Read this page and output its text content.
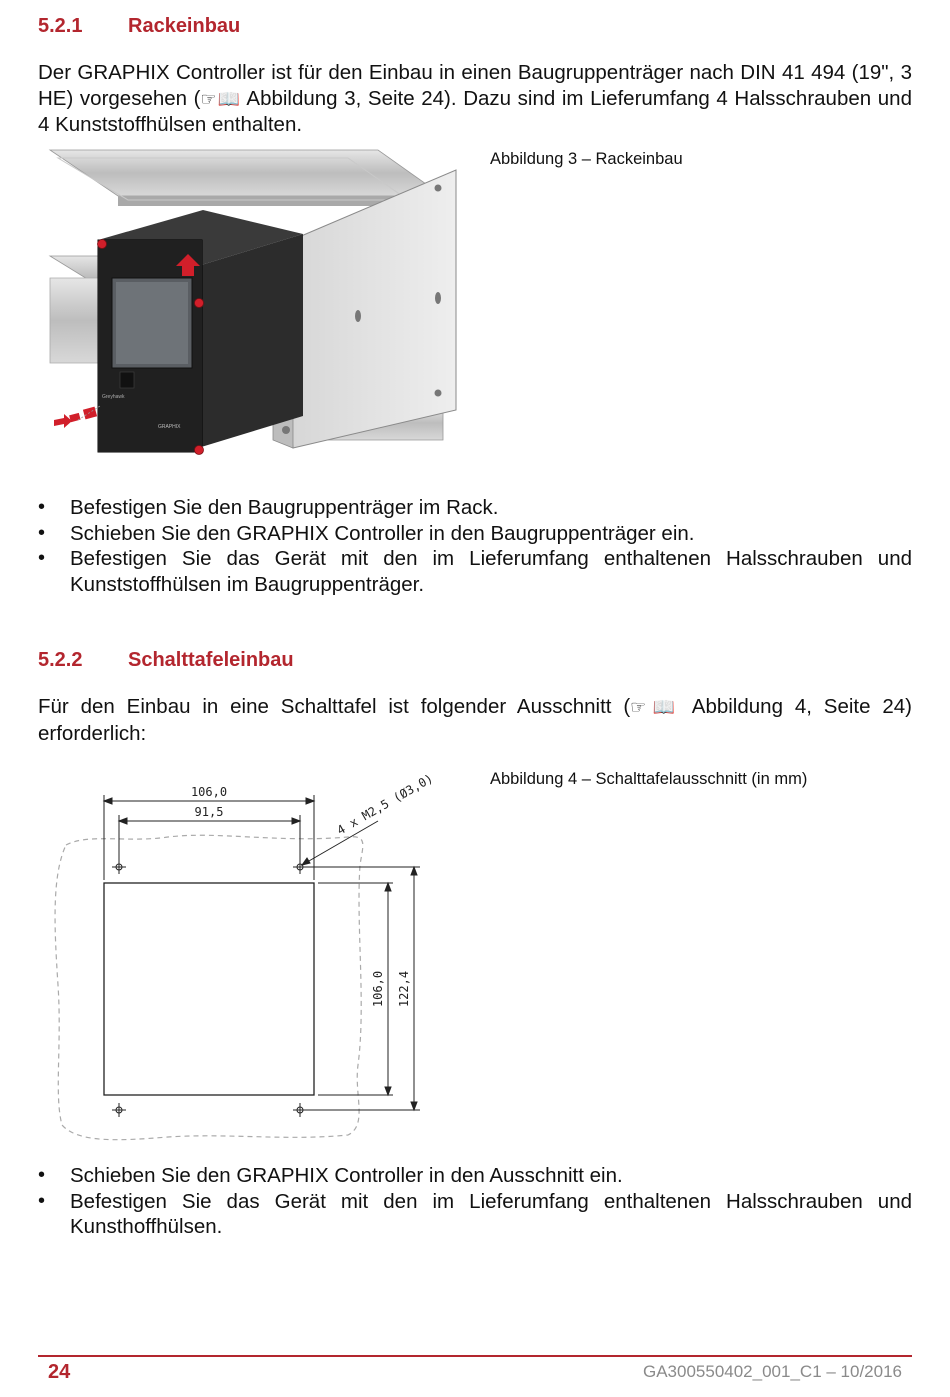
5.2.1 Rackeinbau
Der GRAPHIX Controller ist für den Einbau in einen Baugruppenträger nach DIN 41 494 (19", 3 HE) vorgesehen (☞📖 Abbildung 3, Seite 24). Dazu sind im Lieferumfang 4 Halsschrauben und 4 Kunststoffhülsen enthalten.
Greyhawk
GRAPHIX
Abbildung 3 – Rackeinbau
• Befestigen Sie den Baugruppenträger im Rack.
• Schieben Sie den GRAPHIX Controller in den Baugruppenträger ein.
• Befestigen Sie das Gerät mit den im Lieferumfang enthaltenen Halsschrauben und Kunststoffhülsen im Baugruppenträger.
5.2.2 Schalttafeleinbau
Für den Einbau in eine Schalttafel ist folgender Ausschnitt (☞📖 Abbildung 4, Seite 24) erforderlich:
106,0
91,5	4 x M2,5 (Ø3,0)
106,0 122,4
Abbildung 4 – Schalttafelausschnitt (in mm)
• Schieben Sie den GRAPHIX Controller in den Ausschnitt ein.
• Befestigen Sie das Gerät mit den im Lieferumfang enthaltenen Halsschrauben und Kunsthoffhülsen.
24	GA300550402_001_C1 – 10/2016
